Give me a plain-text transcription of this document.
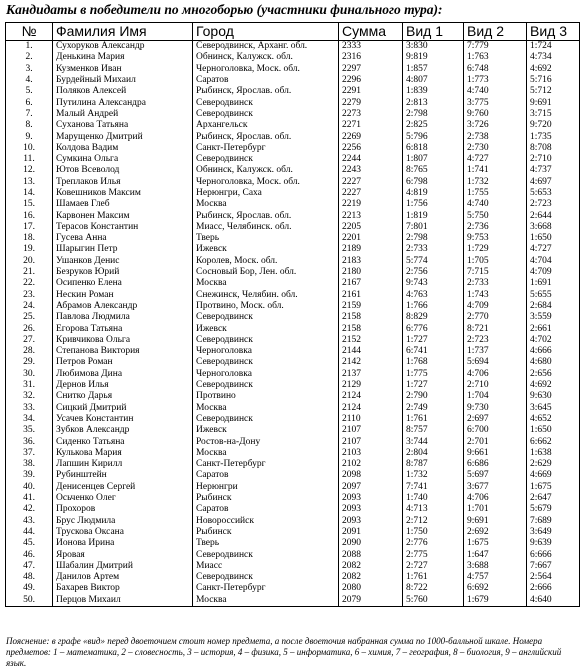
Кандидаты в победители по многоборью (участники финального тура):
№	Фамилия Имя	Город	Сумма	Вид 1	Вид 2	Вид 3
1.	Сухоруков Александр	Северодвинск, Арханг. обл.	2333	3:830	7:779	1:724
2.	Денькина Мария	Обнинск, Калужск. обл.	2316	9:819	1:763	4:734
3.	Кузменков Иван	Черноголовка, Моск. обл.	2297	1:857	6:748	4:692
4.	Бурдейный Михаил	Саратов	2296	4:807	1:773	5:716
5.	Поляков Алексей	Рыбинск, Ярослав. обл.	2291	1:839	4:740	5:712
6.	Путилина Александра	Северодвинск	2279	2:813	3:775	9:691
7.	Малый Андрей	Северодвинск	2273	2:798	9:760	3:715
8.	Суханова Татьяна	Архангельск	2271	2:825	3:726	9:720
9.	Марущенко Дмитрий	Рыбинск, Ярослав. обл.	2269	5:796	2:738	1:735
10.	Колдова Вадим	Санкт-Петербург	2256	6:818	2:730	8:708
11.	Сумкина Ольга	Северодвинск	2244	1:807	4:727	2:710
12.	Ютов Всеволод	Обнинск, Калужск. обл.	2243	8:765	1:741	4:737
13.	Треплаков Илья	Черноголовка, Моск. обл.	2227	6:798	1:732	4:697
14.	Ковешников Максим	Нерюнгри, Саха	2227	4:819	1:755	5:653
15.	Шамаев Глеб	Москва	2219	1:756	4:740	2:723
16.	Карвонен Максим	Рыбинск, Ярослав. обл.	2213	1:819	5:750	2:644
17.	Терасов Константин	Миасс, Челябинск. обл.	2205	7:801	2:736	3:668
18.	Гусева Анна	Тверь	2201	2:798	9:753	1:650
19.	Шарыгин Петр	Ижевск	2189	2:733	1:729	4:727
20.	Ушанков Денис	Королев, Моск. обл.	2183	5:774	1:705	4:704
21.	Безруков Юрий	Сосновый Бор, Лен. обл.	2180	2:756	7:715	4:709
22.	Осипенко Елена	Москва	2167	9:743	2:733	1:691
23.	Нескин Роман	Снежинск, Челябин. обл.	2161	4:763	1:743	5:655
24.	Абрамов Александр	Протвино, Моск. обл.	2159	1:766	4:709	2:684
25.	Павлова Людмила	Северодвинск	2158	8:829	2:770	3:559
26.	Егорова Татьяна	Ижевск	2158	6:776	8:721	2:661
27.	Кривчикова Ольга	Северодвинск	2152	1:727	2:723	4:702
28.	Степанова Виктория	Черноголовка	2144	6:741	1:737	4:666
29.	Петров Роман	Северодвинск	2142	1:768	5:694	4:680
30.	Любимова Дина	Черноголовка	2137	1:775	4:706	2:656
31.	Дернов Илья	Северодвинск	2129	1:727	2:710	4:692
32.	Снитко Дарья	Протвино	2124	2:790	1:704	9:630
33.	Сицкий Дмитрий	Москва	2124	2:749	9:730	3:645
34.	Усачев Константин	Северодвинск	2110	1:761	2:697	4:652
35.	Зубков Александр	Ижевск	2107	8:757	6:700	1:650
36.	Сиденко Татьяна	Ростов-на-Дону	2107	3:744	2:701	6:662
37.	Кулькова Мария	Москва	2103	2:804	9:661	1:638
38.	Лапшин Кирилл	Санкт-Петербург	2102	8:787	6:686	2:629
39.	Рубинштейн	Саратов	2098	1:732	5:697	4:669
40.	Денисенцев Сергей	Нерюнгри	2097	7:741	3:677	1:675
41.	Осьченко Олег	Рыбинск	2093	1:740	4:706	2:647
42.	Прохоров	Саратов	2093	4:713	1:701	5:679
43.	Брус Людмила	Новороссийск	2093	2:712	9:691	7:689
44.	Трускова Оксана	Рыбинск	2091	1:750	2:692	3:649
45.	Ионова Ирина	Тверь	2090	2:776	1:675	9:639
46.	Яровая	Северодвинск	2088	2:775	1:647	6:666
47.	Шабалин Дмитрий	Миасс	2082	2:727	3:688	7:667
48.	Данилов Артем	Северодвинск	2082	1:761	4:757	2:564
49.	Бахарев Виктор	Санкт-Петербург	2080	8:722	6:692	2:666
50.	Перцов Михаил	Москва	2079	5:760	1:679	4:640
Пояснение: в графе «вид» перед двоеточием стоит номер предмета, а после двоеточия набранная сумма по 1000-балльной шкале. Номера предметов: 1 – математика, 2 – словесность, 3 – история, 4 – физика, 5 – информатика, 6 – химия, 7 – география, 8 – биология, 9 – английский язык.
